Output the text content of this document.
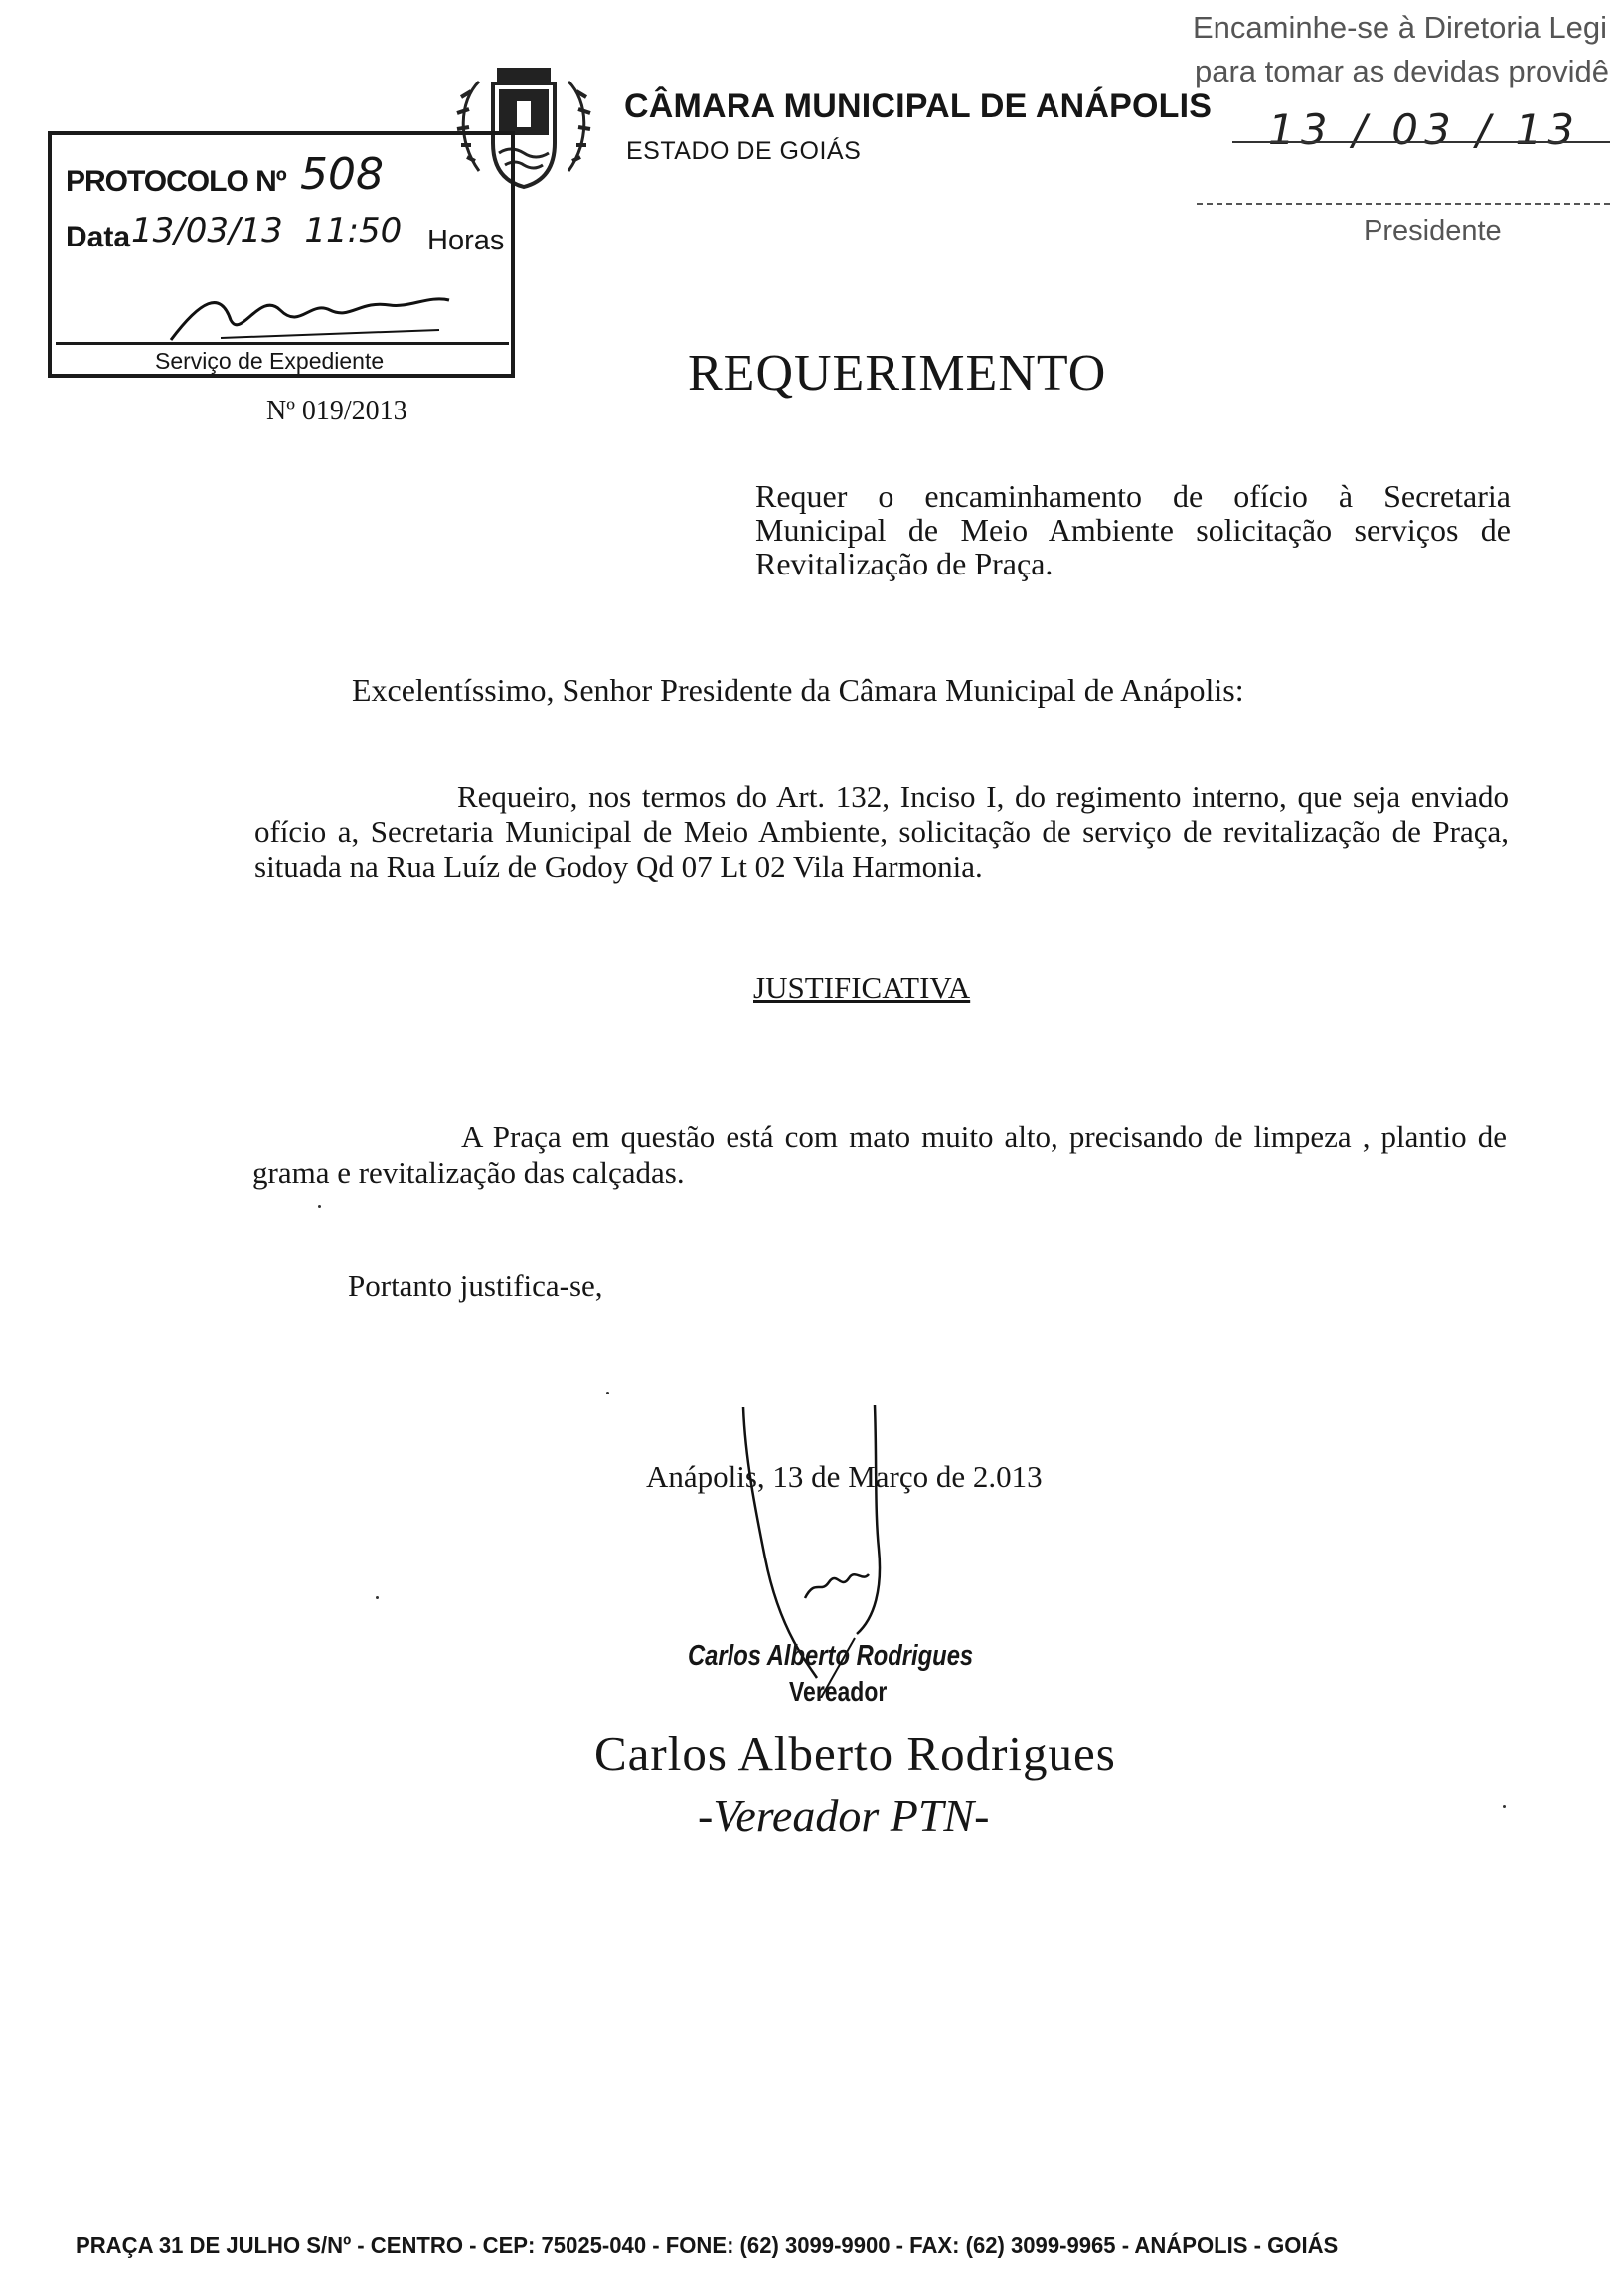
CÂMARA MUNICIPAL DE ANÁPOLIS
ESTADO DE GOIÁS
PROTOCOLO Nº 508
Data 13/03/13 11:50 Horas
Serviço de Expediente
Encaminhe-se à Diretoria Legi
para tomar as devidas providê
13 / 03 / 13
Presidente
REQUERIMENTO
Nº 019/2013
Requer o encaminhamento de ofício à Secretaria Municipal de Meio Ambiente solicitação serviços de Revitalização de Praça.
Excelentíssimo, Senhor Presidente da Câmara Municipal de Anápolis:
Requeiro, nos termos do Art. 132, Inciso I, do regimento interno, que seja enviado ofício a, Secretaria Municipal de Meio Ambiente, solicitação de serviço de revitalização de Praça, situada na Rua Luíz de Godoy Qd 07 Lt 02 Vila Harmonia.
JUSTIFICATIVA
A Praça em questão está com mato muito alto, precisando de limpeza , plantio de grama e revitalização das calçadas.
Portanto justifica-se,
Anápolis, 13 de Março de 2.013
Carlos Alberto Rodrigues
Vereador
Carlos Alberto Rodrigues
-Vereador PTN-
PRAÇA 31 DE JULHO S/Nº - CENTRO - CEP: 75025-040 - FONE: (62) 3099-9900 - FAX: (62) 3099-9965 - ANÁPOLIS - GOIÁS
